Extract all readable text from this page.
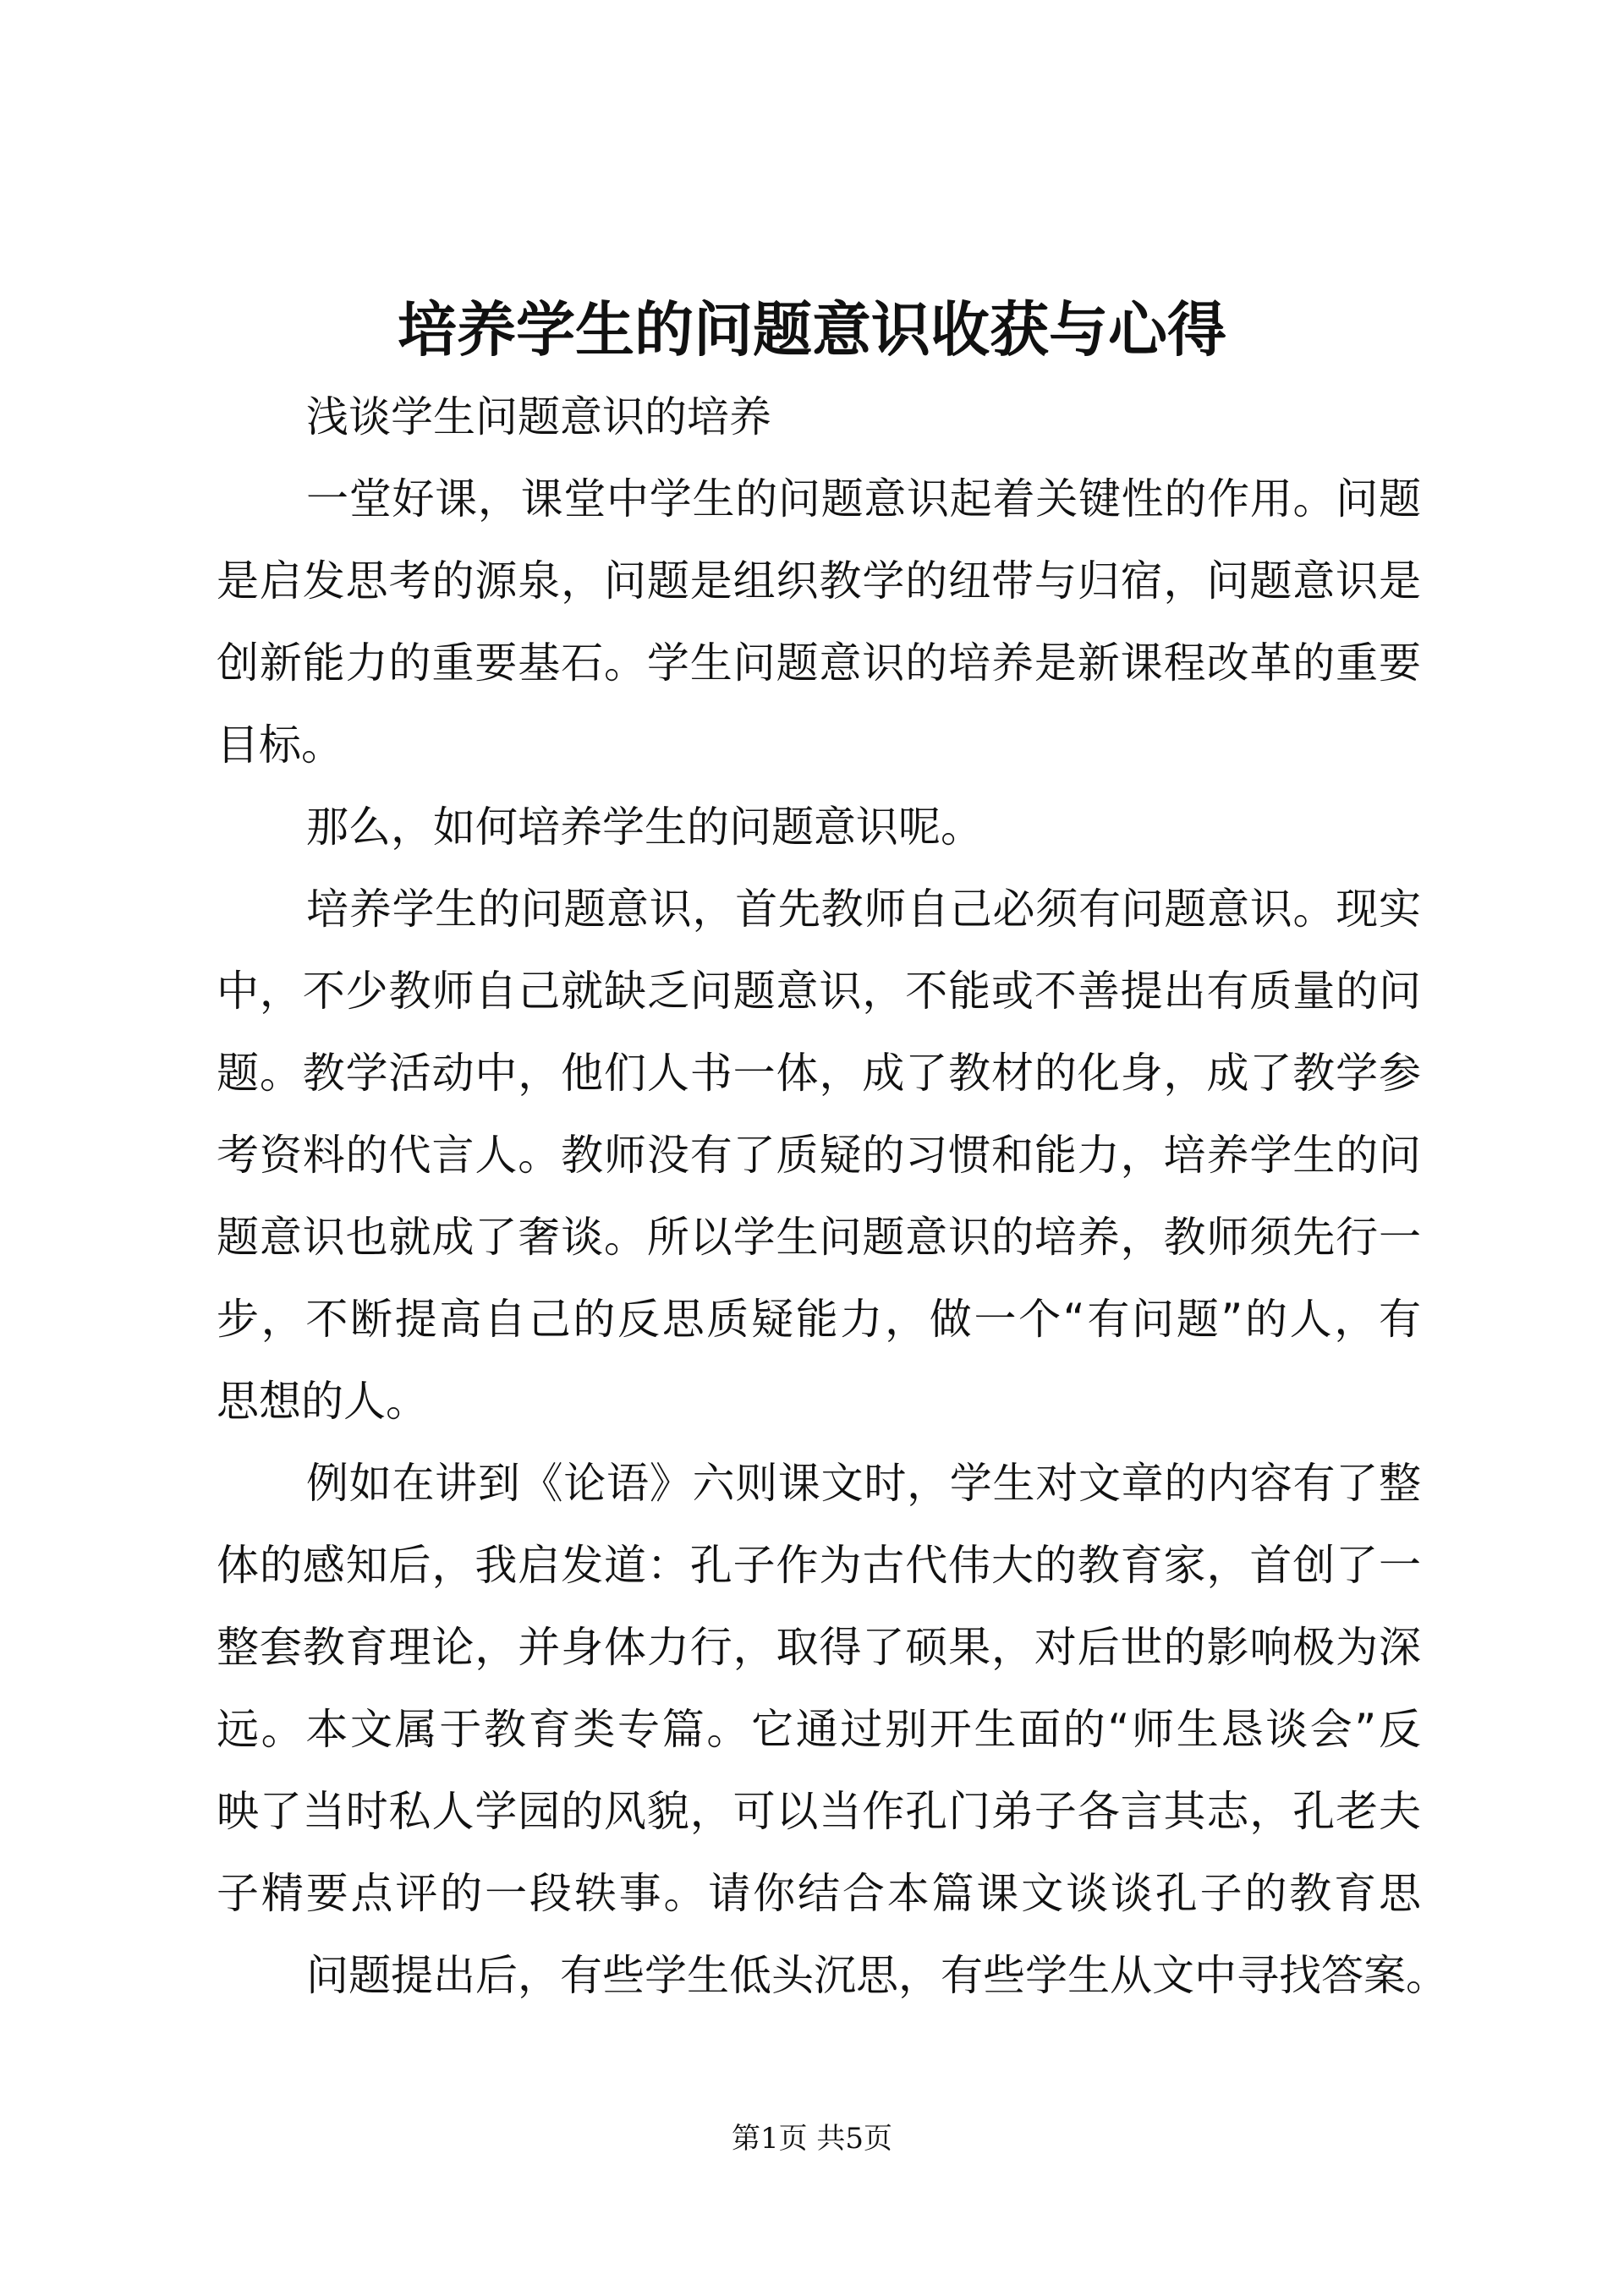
培养学生的问题意识收获与心得
浅谈学生问题意识的培养
一堂好课，课堂中学生的问题意识起着关键性的作用。问题
是启发思考的源泉，问题是组织教学的纽带与归宿，问题意识是
创新能力的重要基石。学生问题意识的培养是新课程改革的重要
目标。
那么，如何培养学生的问题意识呢。
培养学生的问题意识，首先教师自己必须有问题意识。现实
中，不少教师自己就缺乏问题意识，不能或不善提出有质量的问
题。教学活动中，他们人书一体，成了教材的化身，成了教学参
考资料的代言人。教师没有了质疑的习惯和能力，培养学生的问
题意识也就成了奢谈。所以学生问题意识的培养，教师须先行一
步，不断提高自己的反思质疑能力，做一个“有问题”的人，有
思想的人。
例如在讲到《论语》六则课文时，学生对文章的内容有了整
体的感知后，我启发道：孔子作为古代伟大的教育家，首创了一
整套教育理论，并身体力行，取得了硕果，对后世的影响极为深
远。本文属于教育类专篇。它通过别开生面的“师生恳谈会”反
映了当时私人学园的风貌，可以当作孔门弟子各言其志，孔老夫
子精要点评的一段轶事。请你结合本篇课文谈谈孔子的教育思
问题提出后，有些学生低头沉思，有些学生从文中寻找答案。
第1页 共5页
